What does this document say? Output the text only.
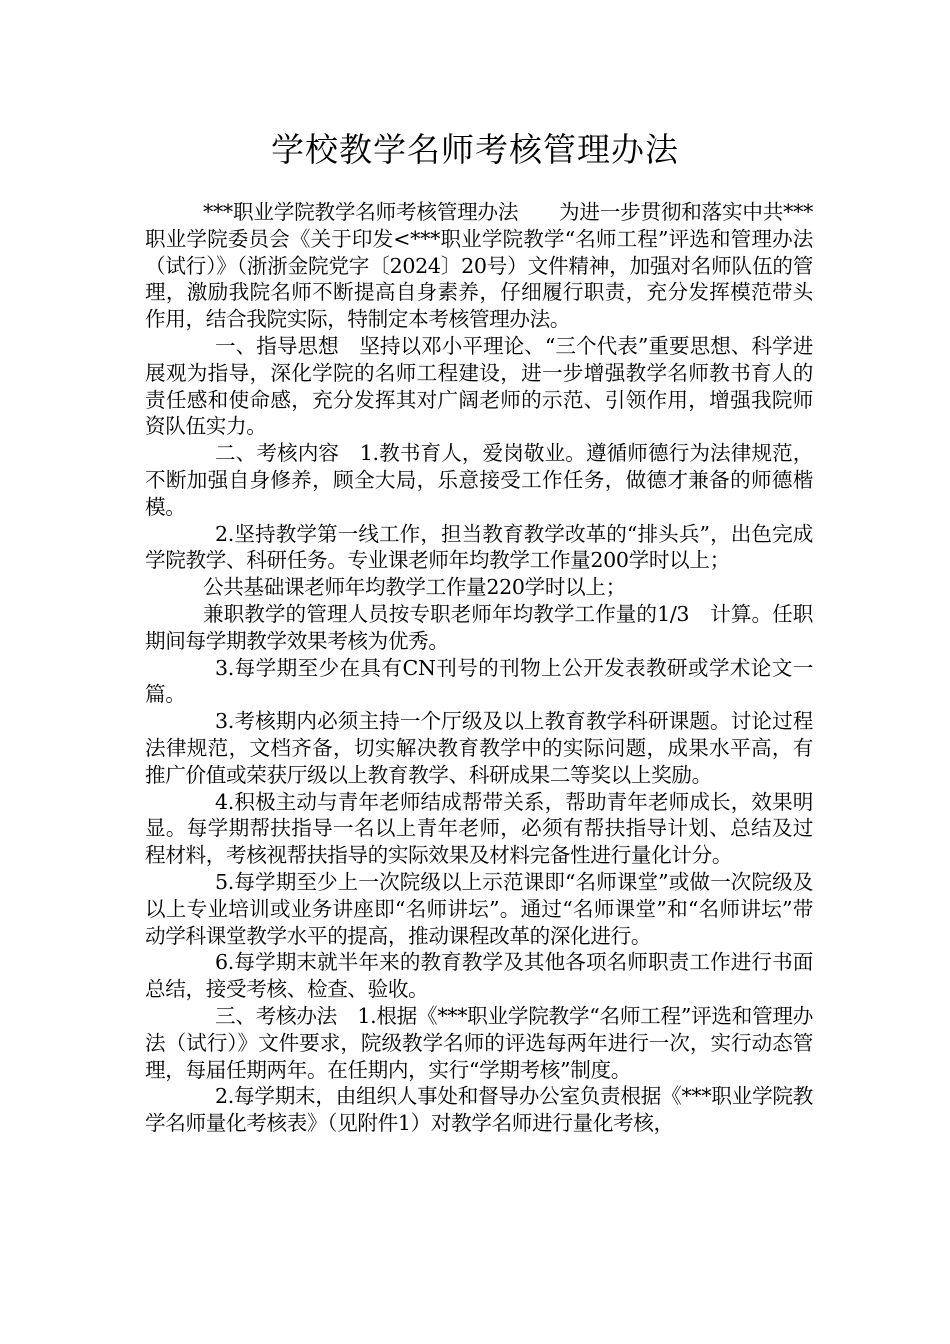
学校教学名师考核管理办法

***职业学院教学名师考核管理办法　　为进一步贯彻和落实中共***职业学院委员会《关于印发<***职业学院教学“名师工程”评选和管理办法（试行）》（浙浙金院党字〔2024〕20号）文件精神，加强对名师队伍的管理，激励我院名师不断提高自身素养，仔细履行职责，充分发挥模范带头作用，结合我院实际，特制定本考核管理办法。

一、指导思想　坚持以邓小平理论、“三个代表”重要思想、科学进展观为指导，深化学院的名师工程建设，进一步增强教学名师教书育人的责任感和使命感，充分发挥其对广阔老师的示范、引领作用，增强我院师资队伍实力。

二、考核内容　1.教书育人，爱岗敬业。遵循师德行为法律规范，不断加强自身修养，顾全大局，乐意接受工作任务，做德才兼备的师德楷模。

2.坚持教学第一线工作，担当教育教学改革的“排头兵”，出色完成学院教学、科研任务。专业课老师年均教学工作量200学时以上；

公共基础课老师年均教学工作量220学时以上；

兼职教学的管理人员按专职老师年均教学工作量的1/3　计算。任职期间每学期教学效果考核为优秀。

3.每学期至少在具有CN刊号的刊物上公开发表教研或学术论文一篇。

3.考核期内必须主持一个厅级及以上教育教学科研课题。讨论过程法律规范，文档齐备，切实解决教育教学中的实际问题，成果水平高，有推广价值或荣获厅级以上教育教学、科研成果二等奖以上奖励。

4.积极主动与青年老师结成帮带关系，帮助青年老师成长，效果明显。每学期帮扶指导一名以上青年老师，必须有帮扶指导计划、总结及过程材料，考核视帮扶指导的实际效果及材料完备性进行量化计分。

5.每学期至少上一次院级以上示范课即“名师课堂”或做一次院级及以上专业培训或业务讲座即“名师讲坛”。通过“名师课堂”和“名师讲坛”带动学科课堂教学水平的提高，推动课程改革的深化进行。

6.每学期末就半年来的教育教学及其他各项名师职责工作进行书面总结，接受考核、检查、验收。

三、考核办法　1.根据《***职业学院教学“名师工程”评选和管理办法（试行）》文件要求，院级教学名师的评选每两年进行一次，实行动态管理，每届任期两年。在任期内，实行“学期考核”制度。

2.每学期末，由组织人事处和督导办公室负责根据《***职业学院教学名师量化考核表》（见附件1）对教学名师进行量化考核，
